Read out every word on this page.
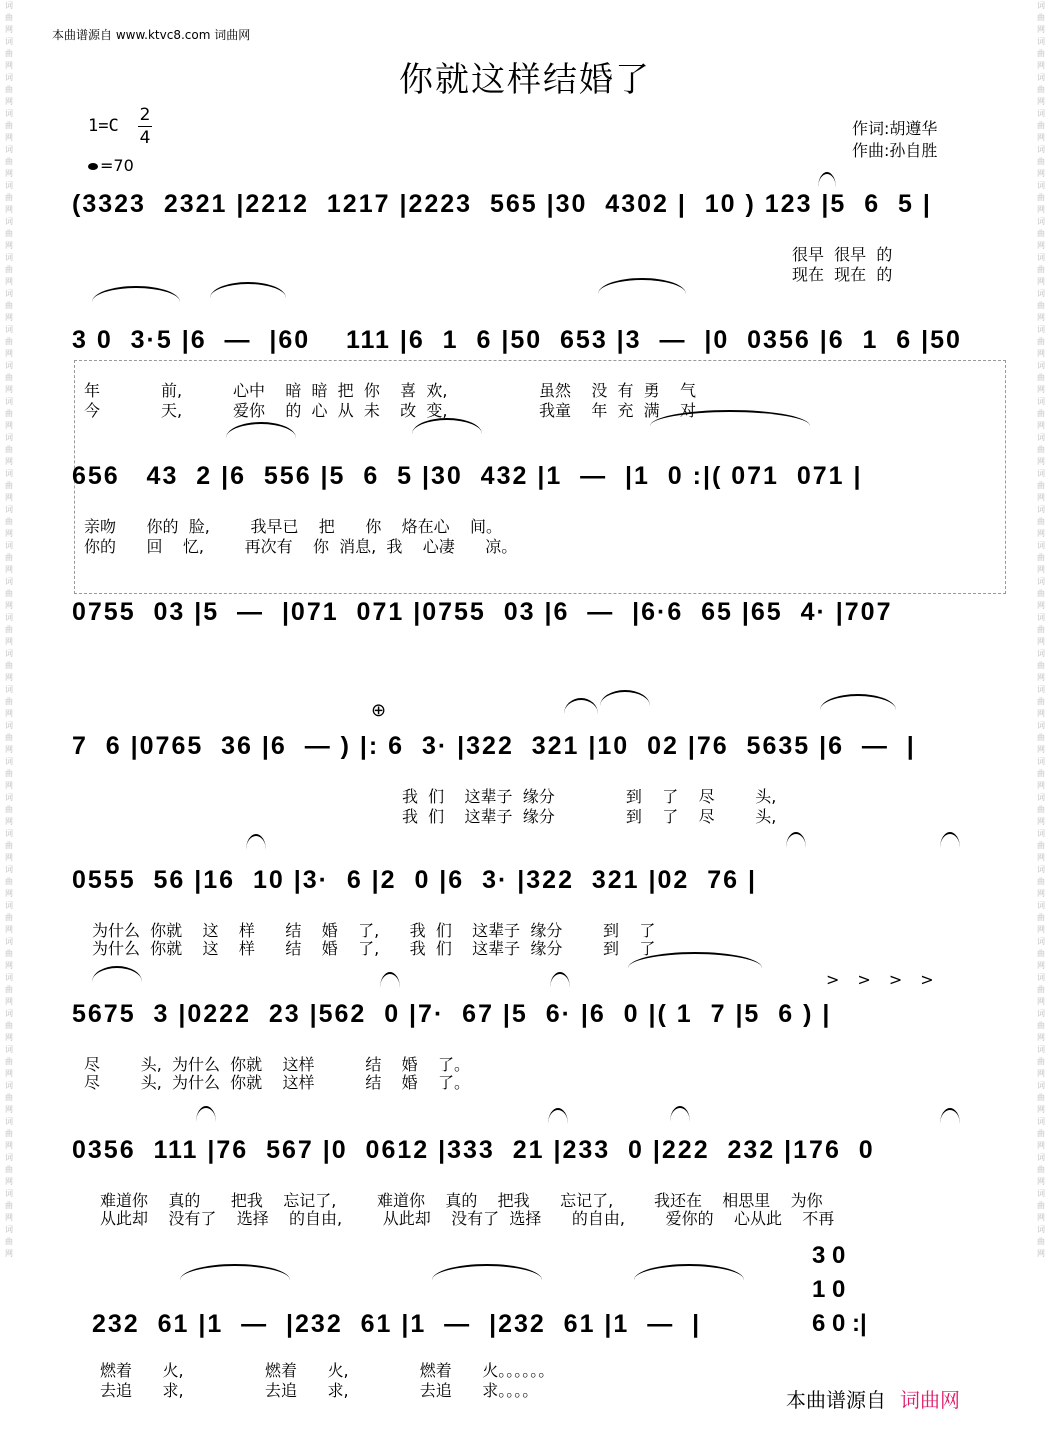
词曲网词曲网词曲网词曲网词曲网词曲网词曲网词曲网词曲网词曲网词曲网词曲网词曲网词曲网词曲网词曲网词曲网词曲网词曲网词曲网词曲网词曲网词曲网词曲网词曲网词曲网词曲网词曲网词曲网词曲网词曲网词曲网词曲网词曲网词曲网
词曲网词曲网词曲网词曲网词曲网词曲网词曲网词曲网词曲网词曲网词曲网词曲网词曲网词曲网词曲网词曲网词曲网词曲网词曲网词曲网词曲网词曲网词曲网词曲网词曲网词曲网词曲网词曲网词曲网词曲网词曲网词曲网词曲网词曲网词曲网
本曲谱源自 www.ktvc8.com 词曲网
你就这样结婚了
1=C
2
4
=70
作词:胡遵华
作曲:孙自胜
(3323  2321 |2212  1217 |2223  565 |30  4302 |  10 ) 123 |5  6  5 |
很早  很早  的
现在  现在  的
3 0  3·5 |6  —  |60    111 |6  1  6 |50  653 |3  —  |0  0356 |6  1  6 |50
年            前,          心中    暗  暗  把  你    喜  欢,                  虽然    没  有  勇    气
今            天,          爱你    的  心  从  未    改  变,                  我童    年  充  满    对
656   43  2 |6  556 |5  6  5 |30  432 |1  —  |1  0 :|( 071  071 |
亲吻      你的  脸,        我早已    把      你    烙在心    间。
你的      回    忆,        再次有    你  消息,  我    心凄      凉。
0755  03 |5  —  |071  071 |0755  03 |6  —  |6·6  65 |65  4· |707
⊕
7  6 |0765  36 |6  — ) |: 6  3· |322  321 |10  02 |76  5635 |6  —  |
我  们    这辈子  缘分              到    了    尽        头,
我  们    这辈子  缘分              到    了    尽        头,
0555  56 |16  10 |3·  6 |2  0 |6  3· |322  321 |02  76 |
为什么  你就    这    样      结    婚    了,      我  们    这辈子  缘分        到    了
为什么  你就    这    样      结    婚    了,      我  们    这辈子  缘分        到    了
>>>>
5675  3 |0222  23 |562  0 |7·  67 |5  6· |6  0 |( 1  7 |5  6 ) |
尽        头,  为什么  你就    这样          结    婚    了。
尽        头,  为什么  你就    这样          结    婚    了。
0356  111 |76  567 |0  0612 |333  21 |233  0 |222  232 |176  0
难道你    真的      把我    忘记了,        难道你    真的    把我      忘记了,        我还在    相思里    为你
从此却    没有了    选择    的自由,        从此却    没有了  选择      的自由,        爱你的    心从此    不再
3 0
1 0
232  61 |1  —  |232  61 |1  —  |232  61 |1  —  |	6 0 :|
燃着      火,                燃着      火,              燃着      火。。。。。。
去追      求,                去追      求,              去追      求。。。。	本曲谱源自 词曲网
